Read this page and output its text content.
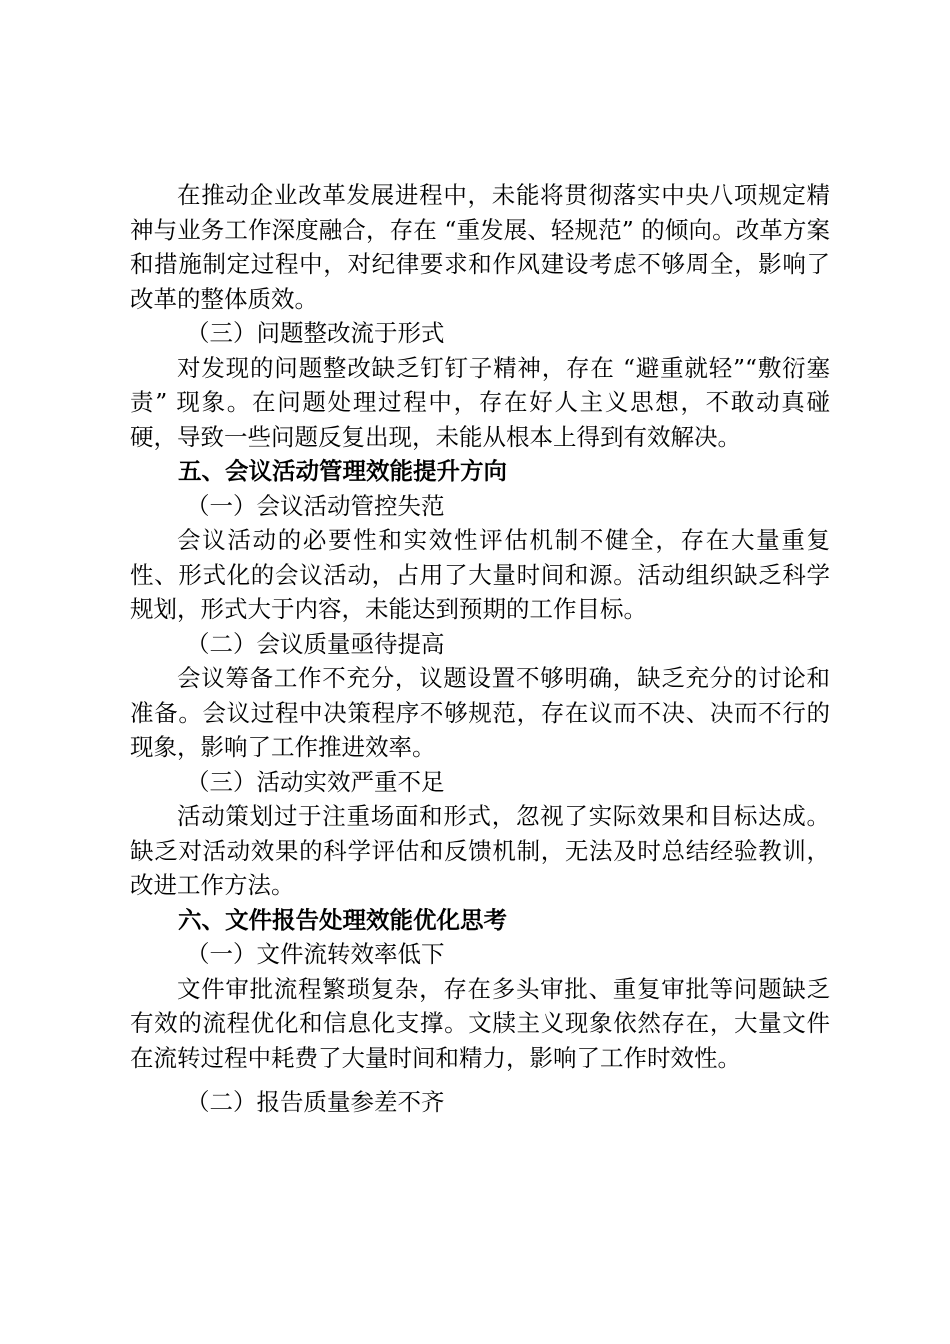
在推动企业改革发展进程中，未能将贯彻落实中央八项规定精神与业务工作深度融合，存在 “重发展、轻规范” 的倾向。改革方案和措施制定过程中，对纪律要求和作风建设考虑不够周全，影响了改革的整体质效。

（三）问题整改流于形式

对发现的问题整改缺乏钉钉子精神，存在 “避重就轻”“敷衍塞责” 现象。在问题处理过程中，存在好人主义思想，不敢动真碰硬，导致一些问题反复出现，未能从根本上得到有效解决。

五、会议活动管理效能提升方向

（一）会议活动管控失范

会议活动的必要性和实效性评估机制不健全，存在大量重复性、形式化的会议活动，占用了大量时间和源。活动组织缺乏科学规划，形式大于内容，未能达到预期的工作目标。

（二）会议质量亟待提高

会议筹备工作不充分，议题设置不够明确，缺乏充分的讨论和准备。会议过程中决策程序不够规范，存在议而不决、决而不行的现象，影响了工作推进效率。

（三）活动实效严重不足

活动策划过于注重场面和形式，忽视了实际效果和目标达成。缺乏对活动效果的科学评估和反馈机制，无法及时总结经验教训，改进工作方法。

六、文件报告处理效能优化思考

（一）文件流转效率低下

文件审批流程繁琐复杂，存在多头审批、重复审批等问题缺乏有效的流程优化和信息化支撑。文牍主义现象依然存在，大量文件在流转过程中耗费了大量时间和精力，影响了工作时效性。

（二）报告质量参差不齐
